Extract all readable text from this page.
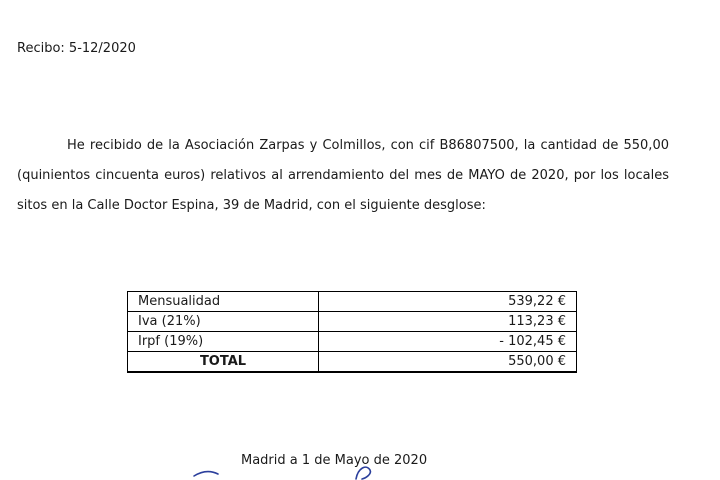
Recibo: 5-12/2020
He recibido de la Asociación Zarpas y Colmillos, con cif B86807500, la cantidad de 550,00 (quinientos cincuenta euros) relativos al arrendamiento del mes de MAYO de 2020, por los locales sitos en la Calle Doctor Espina, 39 de Madrid, con el siguiente desglose:
Mensualidad	539,22 €
Iva (21%)	113,23 €
Irpf (19%)	- 102,45 €
TOTAL	550,00 €
Madrid a 1 de Mayo de 2020
